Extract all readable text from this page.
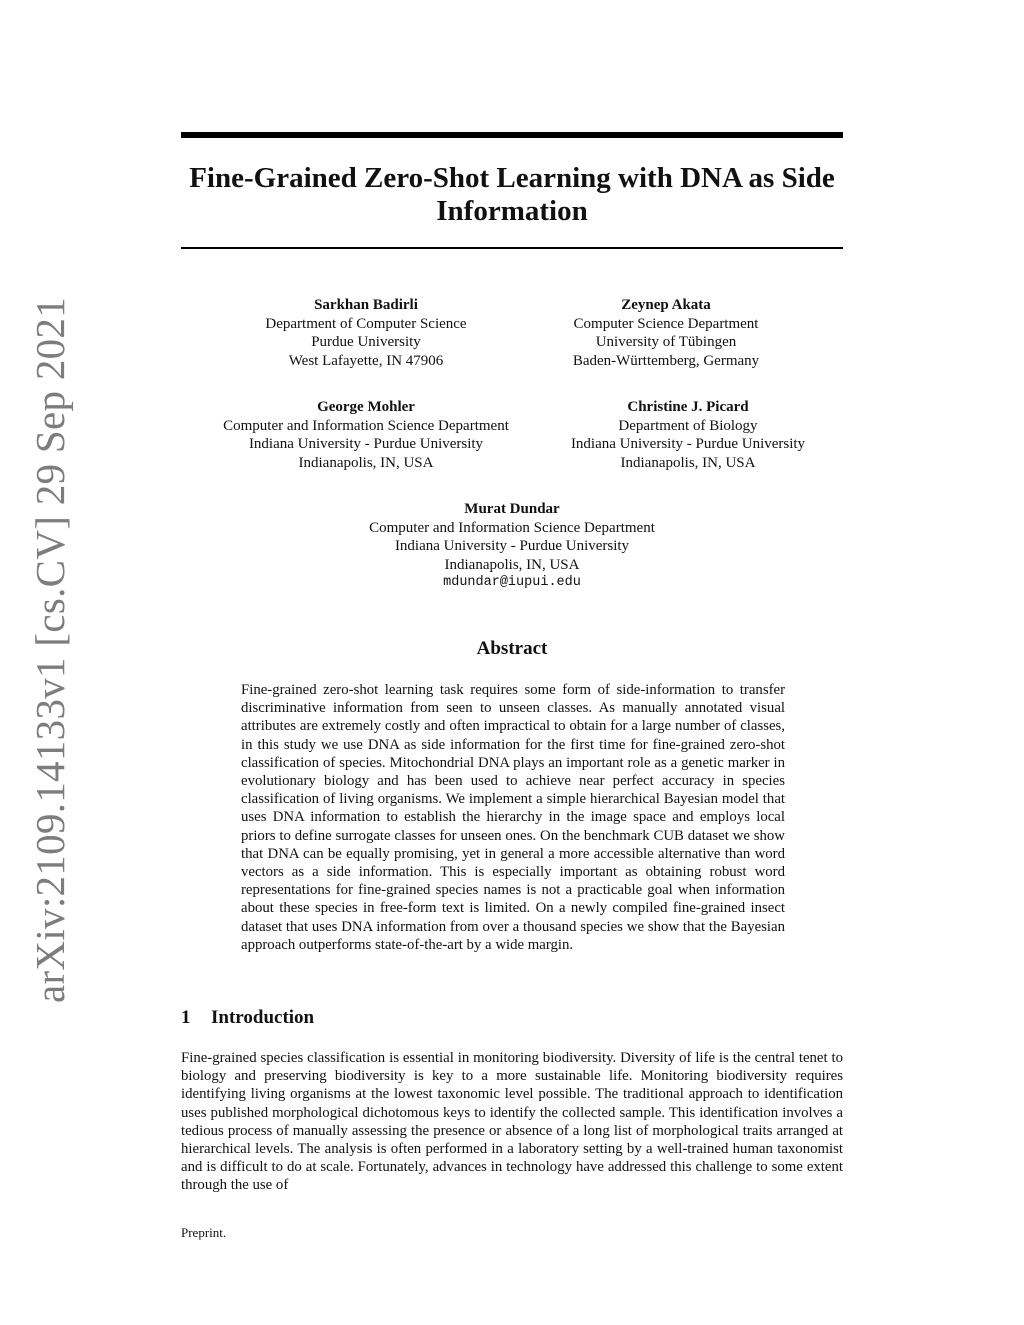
arXiv:2109.14133v1 [cs.CV] 29 Sep 2021
Fine-Grained Zero-Shot Learning with DNA as Side
Information
Sarkhan Badirli
Department of Computer Science
Purdue University
West Lafayette, IN 47906
Zeynep Akata
Computer Science Department
University of Tübingen
Baden-Württemberg, Germany
George Mohler
Computer and Information Science Department
Indiana University - Purdue University
Indianapolis, IN, USA
Christine J. Picard
Department of Biology
Indiana University - Purdue University
Indianapolis, IN, USA
Murat Dundar
Computer and Information Science Department
Indiana University - Purdue University
Indianapolis, IN, USA
mdundar@iupui.edu
Abstract
Fine-grained zero-shot learning task requires some form of side-information to transfer discriminative information from seen to unseen classes. As manually annotated visual attributes are extremely costly and often impractical to obtain for a large number of classes, in this study we use DNA as side information for the first time for fine-grained zero-shot classification of species. Mitochondrial DNA plays an important role as a genetic marker in evolutionary biology and has been used to achieve near perfect accuracy in species classification of living organisms. We implement a simple hierarchical Bayesian model that uses DNA information to establish the hierarchy in the image space and employs local priors to define surrogate classes for unseen ones. On the benchmark CUB dataset we show that DNA can be equally promising, yet in general a more accessible alternative than word vectors as a side information. This is especially important as obtaining robust word representations for fine-grained species names is not a practicable goal when information about these species in free-form text is limited. On a newly compiled fine-grained insect dataset that uses DNA information from over a thousand species we show that the Bayesian approach outperforms state-of-the-art by a wide margin.
1 Introduction
Fine-grained species classification is essential in monitoring biodiversity. Diversity of life is the central tenet to biology and preserving biodiversity is key to a more sustainable life. Monitoring biodiversity requires identifying living organisms at the lowest taxonomic level possible. The traditional approach to identification uses published morphological dichotomous keys to identify the collected sample. This identification involves a tedious process of manually assessing the presence or absence of a long list of morphological traits arranged at hierarchical levels. The analysis is often performed in a laboratory setting by a well-trained human taxonomist and is difficult to do at scale. Fortunately, advances in technology have addressed this challenge to some extent through the use of
Preprint.
